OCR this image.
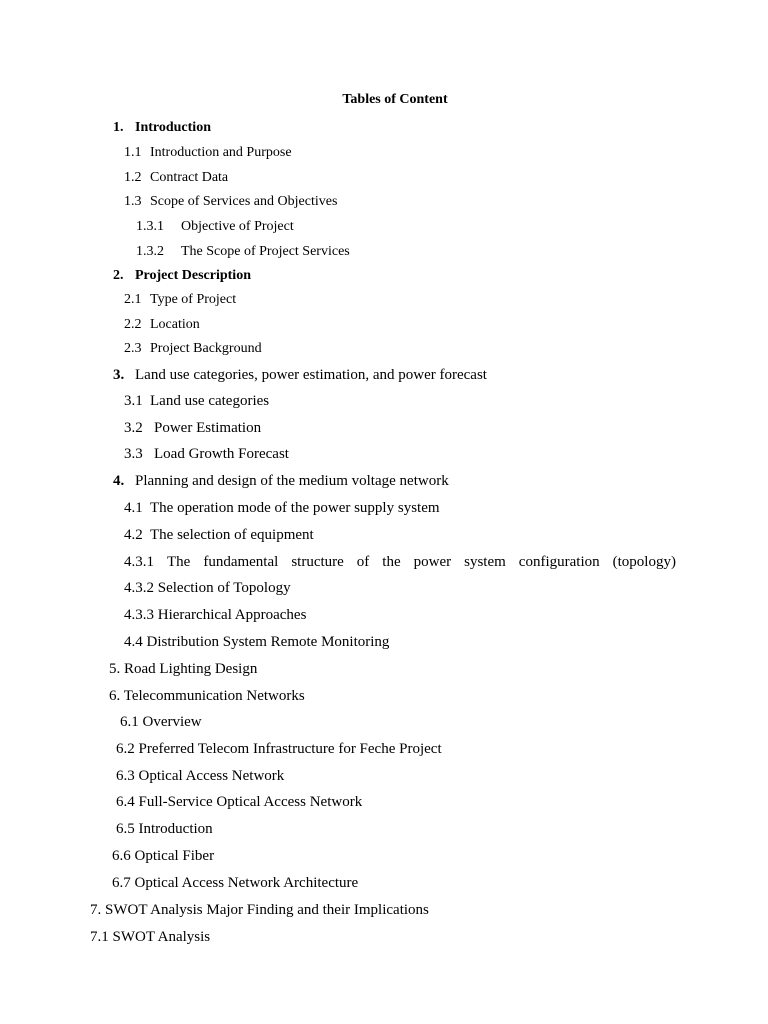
Tables of Content
1. Introduction
1.1 Introduction and Purpose
1.2 Contract Data
1.3 Scope of Services and Objectives
1.3.1 Objective of Project
1.3.2 The Scope of Project Services
2. Project Description
2.1 Type of Project
2.2 Location
2.3 Project Background
3. Land use categories, power estimation, and power forecast
3.1 Land use categories
3.2 Power Estimation
3.3 Load Growth Forecast
4. Planning and design of the medium voltage network
4.1 The operation mode of the power supply system
4.2 The selection of equipment
4.3.1 The fundamental structure of the power system configuration (topology)
4.3.2 Selection of Topology
4.3.3 Hierarchical Approaches
4.4 Distribution System Remote Monitoring
5. Road Lighting Design
6. Telecommunication Networks
6.1 Overview
6.2 Preferred Telecom Infrastructure for Feche Project
6.3 Optical Access Network
6.4 Full-Service Optical Access Network
6.5 Introduction
6.6 Optical Fiber
6.7 Optical Access Network Architecture
7. SWOT Analysis Major Finding and their Implications
7.1 SWOT Analysis
